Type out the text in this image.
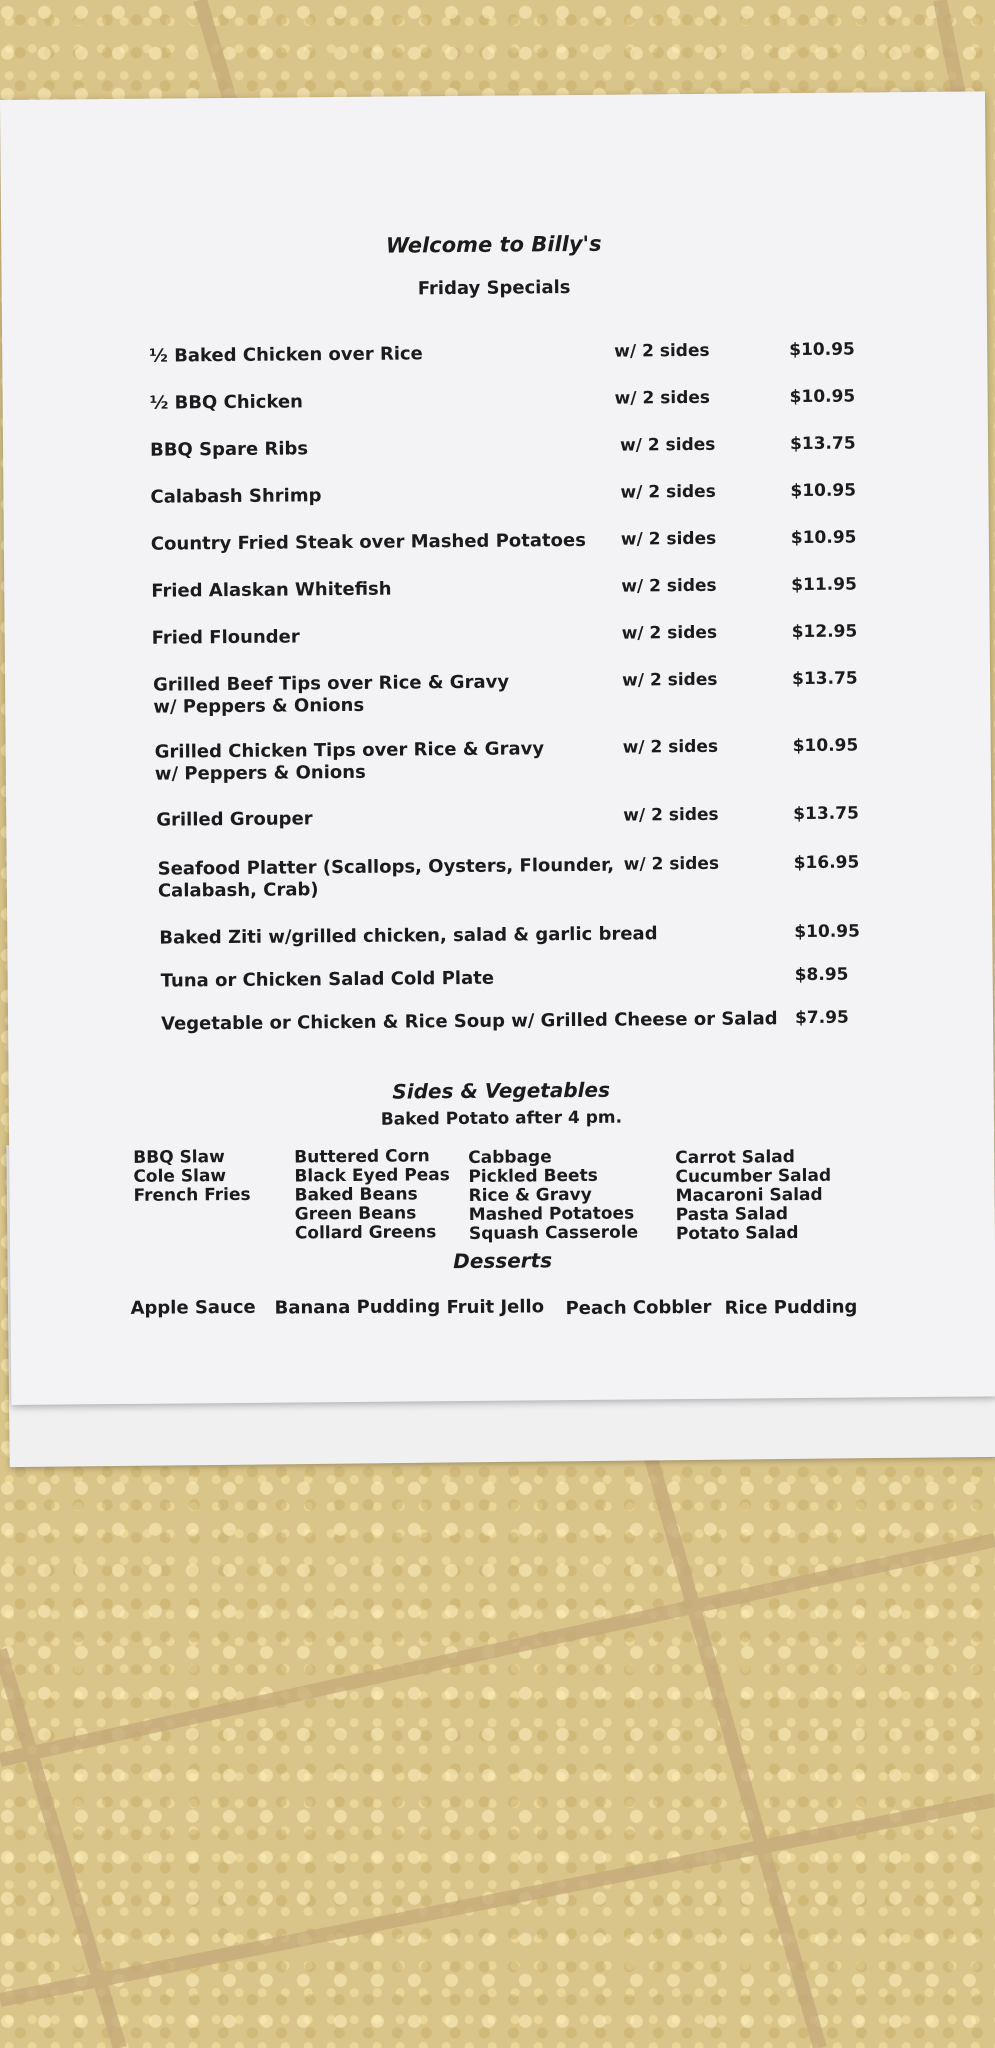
Welcome to Billy's
Friday Specials
½ Baked Chicken over Rice	w/ 2 sides	$10.95
½ BBQ Chicken	w/ 2 sides	$10.95
BBQ Spare Ribs	w/ 2 sides	$13.75
Calabash Shrimp	w/ 2 sides	$10.95
Country Fried Steak over Mashed Potatoes w/ 2 sides	$10.95
Fried Alaskan Whitefish	w/ 2 sides	$11.95
Fried Flounder	w/ 2 sides	$12.95
Grilled Beef Tips over Rice & Gravy
w/ Peppers & Onions
w/ 2 sides	$13.75
Grilled Chicken Tips over Rice & Gravy
w/ Peppers & Onions
w/ 2 sides	$10.95
Grilled Grouper	w/ 2 sides	$13.75
Seafood Platter (Scallops, Oysters, Flounder,
Calabash, Crab)
w/ 2 sides	$16.95
Baked Ziti w/grilled chicken, salad & garlic bread	$10.95
Tuna or Chicken Salad Cold Plate	$8.95
Vegetable or Chicken & Rice Soup w/ Grilled Cheese or Salad $7.95
Sides & Vegetables
Baked Potato after 4 pm.
BBQ Slaw
Cole Slaw
French Fries
Buttered Corn
Black Eyed Peas
Baked Beans
Green Beans
Collard Greens
Cabbage
Pickled Beets
Rice & Gravy
Mashed Potatoes
Squash Casserole
Carrot Salad
Cucumber Salad
Macaroni Salad
Pasta Salad
Potato Salad
Desserts
Apple Sauce Banana Pudding Fruit Jello Peach Cobbler Rice Pudding
